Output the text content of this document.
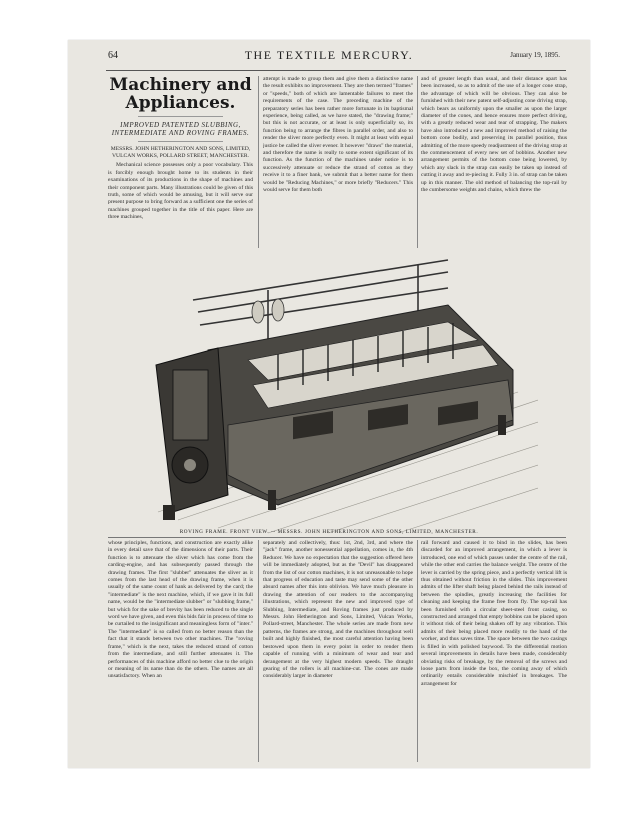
64	THE TEXTILE MERCURY.	January 19, 1895.
Machinery and
Appliances.
IMPROVED PATENTED SLUBBING, INTERMEDIATE AND ROVING FRAMES.
MESSRS. JOHN HETHERINGTON AND SONS, LIMITED, VULCAN WORKS, POLLARD STREET, MANCHESTER.

Mechanical science possesses only a poor vocabulary. This is forcibly enough brought home to its students in their examinations of its productions in the shape of machines and their component parts. Many illustrations could be given of this truth, some of which would be amusing, but it will serve our present purpose to bring forward as a sufficient one the series of machines grouped together in the title of this paper. Here are three machines,

attempt is made to group them and give them a distinctive name the result exhibits no improvement. They are then termed "frames" or "speeds," both of which are lamentable failures to meet the requirements of the case. The preceding machine of the preparatory series has been rather more fortunate in its baptismal experience, being called, as we have stated, the "drawing frame;" but this is not accurate, or at least is only superficially so, its function being to arrange the fibres in parallel order, and also to render the sliver more perfectly even. It might at least with equal justice be called the sliver evener. It however "draws" the material, and therefore the name is really to some extent significant of its function. As the function of the machines under notice is to successively attenuate or reduce the strand of cotton as they receive it to a finer bank, we submit that a better name for them would be "Reducing Machines," or more briefly "Reducers." This would serve for them both

and of greater length than usual, and their distance apart has been increased, so as to admit of the use of a longer cone strap, the advantage of which will be obvious. They can also be furnished with their new patent self-adjusting cone driving strap, which bears as uniformly upon the smaller as upon the larger diameter of the cones, and hence ensures more perfect driving, with a greatly reduced wear and tear of strapping. The makers have also introduced a new and improved method of raising the bottom cone bodily, and preserving its parallel position, thus admitting of the more speedy readjustment of the driving strap at the commencement of every new set of bobbins. Another new arrangement permits of the bottom cone being lowered, by which any slack in the strap can easily be taken up instead of cutting it away and re-piecing it. Fully 3 in. of strap can be taken up in this manner. The old method of balancing the top-rail by the cumbersome weights and chains, which threw the

ROVING FRAME. FRONT VIEW. -- MESSRS. JOHN HETHERINGTON AND SONS, LIMITED, MANCHESTER.

whose principles, functions, and construction are exactly alike in every detail save that of the dimensions of their parts. Their function is to attenuate the sliver which has come from the carding-engine, and has subsequently passed through the drawing frames. The first "slubber" attenuates the sliver as it comes from the last head of the drawing frame, when it is usually of the same count of hank as delivered by the card; the "intermediate" is the next machine, which, if we gave it its full name, would be the "intermediate slubber" or "slubbing frame," but which for the sake of brevity has been reduced to the single word we have given, and even this bids fair in process of time to be curtailed to the insignificant and meaningless form of "inter." The "intermediate" is so called from no better reason than the fact that it stands between two other machines. The "roving frame," which is the next, takes the reduced strand of cotton from the intermediate, and still further attenuates it. The performances of this machine afford no better clue to the origin or meaning of its name than do the others. The names are all unsatisfactory. When an

separately and collectively, thus: 1st, 2nd, 3rd, and where the "jack" frame, another nonessential appellation, comes in, the 4th Reducer. We have no expectation that the suggestion offered here will be immediately adopted, but as the "Devil" has disappeared from the list of our cotton machines, it is not unreasonable to hope that progress of education and taste may send some of the other absurd names after this into oblivion. We have much pleasure in drawing the attention of our readers to the accompanying illustrations, which represent the new and improved type of Slubbing, Intermediate, and Roving frames just produced by Messrs. John Hetherington and Sons, Limited, Vulcan Works, Pollard-street, Manchester. The whole series are made from new patterns, the frames are strong, and the machines throughout well built and highly finished, the most careful attention having been bestowed upon them in every point in order to render them capable of running with a minimum of wear and tear and derangement at the very highest modern speeds. The draught gearing of the rollers is all machine-cut. The cones are made considerably larger in diameter

rail forward and caused it to bind in the slides, has been discarded for an improved arrangement, in which a lever is introduced, one end of which passes under the centre of the rail, while the other end carries the balance weight. The centre of the lever is carried by the spring piece, and a perfectly vertical lift is thus obtained without friction in the slides. This improvement admits of the lifter shaft being placed behind the rails instead of between the spindles, greatly increasing the facilities for cleaning and keeping the frame free from fly. The top-rail has been furnished with a circular sheet-steel front casing, so constructed and arranged that empty bobbins can be placed upon it without risk of their being shaken off by any vibration. This admits of their being placed more readily to the hand of the worker, and thus saves time. The space between the two casings is filled in with polished baywood. To the differential motion several improvements in details have been made, considerably obviating risks of breakage, by the removal of the screws and loose parts from inside the box, the coming away of which ordinarily entails considerable mischief in breakages. The arrangement for
